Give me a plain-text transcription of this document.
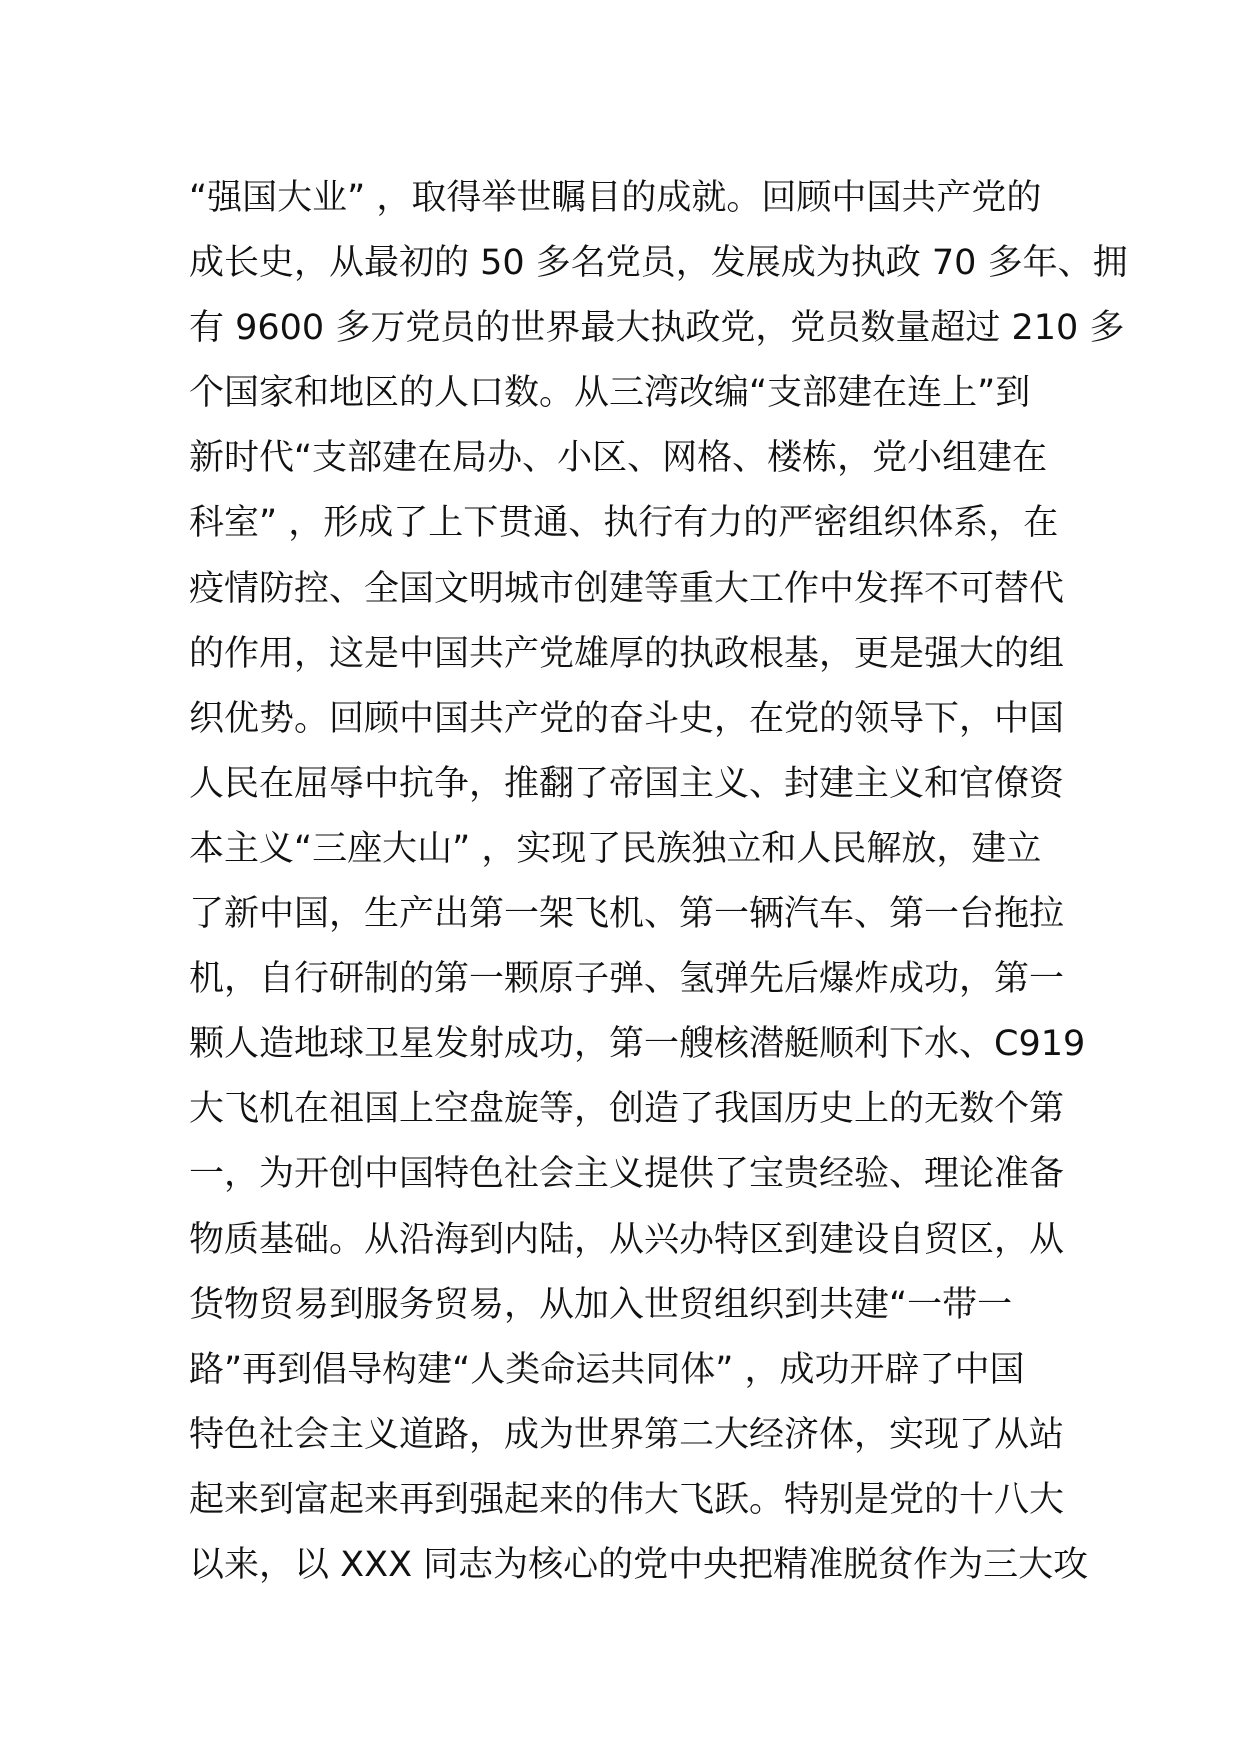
“强国大业” ，取得举世瞩目的成就。回顾中国共产党的
成长史，从最初的 50 多名党员，发展成为执政 70 多年、拥
有 9600 多万党员的世界最大执政党，党员数量超过 210 多
个国家和地区的人口数。从三湾改编“支部建在连上”到
新时代“支部建在局办、小区、网格、楼栋，党小组建在
科室” ，形成了上下贯通、执行有力的严密组织体系，在
疫情防控、全国文明城市创建等重大工作中发挥不可替代
的作用，这是中国共产党雄厚的执政根基，更是强大的组
织优势。回顾中国共产党的奋斗史，在党的领导下，中国
人民在屈辱中抗争，推翻了帝国主义、封建主义和官僚资
本主义“三座大山” ，实现了民族独立和人民解放，建立
了新中国，生产出第一架飞机、第一辆汽车、第一台拖拉
机，自行研制的第一颗原子弹、氢弹先后爆炸成功，第一
颗人造地球卫星发射成功，第一艘核潜艇顺利下水、C919
大飞机在祖国上空盘旋等，创造了我国历史上的无数个第
一，为开创中国特色社会主义提供了宝贵经验、理论准备
物质基础。从沿海到内陆，从兴办特区到建设自贸区，从
货物贸易到服务贸易，从加入世贸组织到共建“一带一
路”再到倡导构建“人类命运共同体” ，成功开辟了中国
特色社会主义道路，成为世界第二大经济体，实现了从站
起来到富起来再到强起来的伟大飞跃。特别是党的十八大
以来，以 XXX 同志为核心的党中央把精准脱贫作为三大攻
